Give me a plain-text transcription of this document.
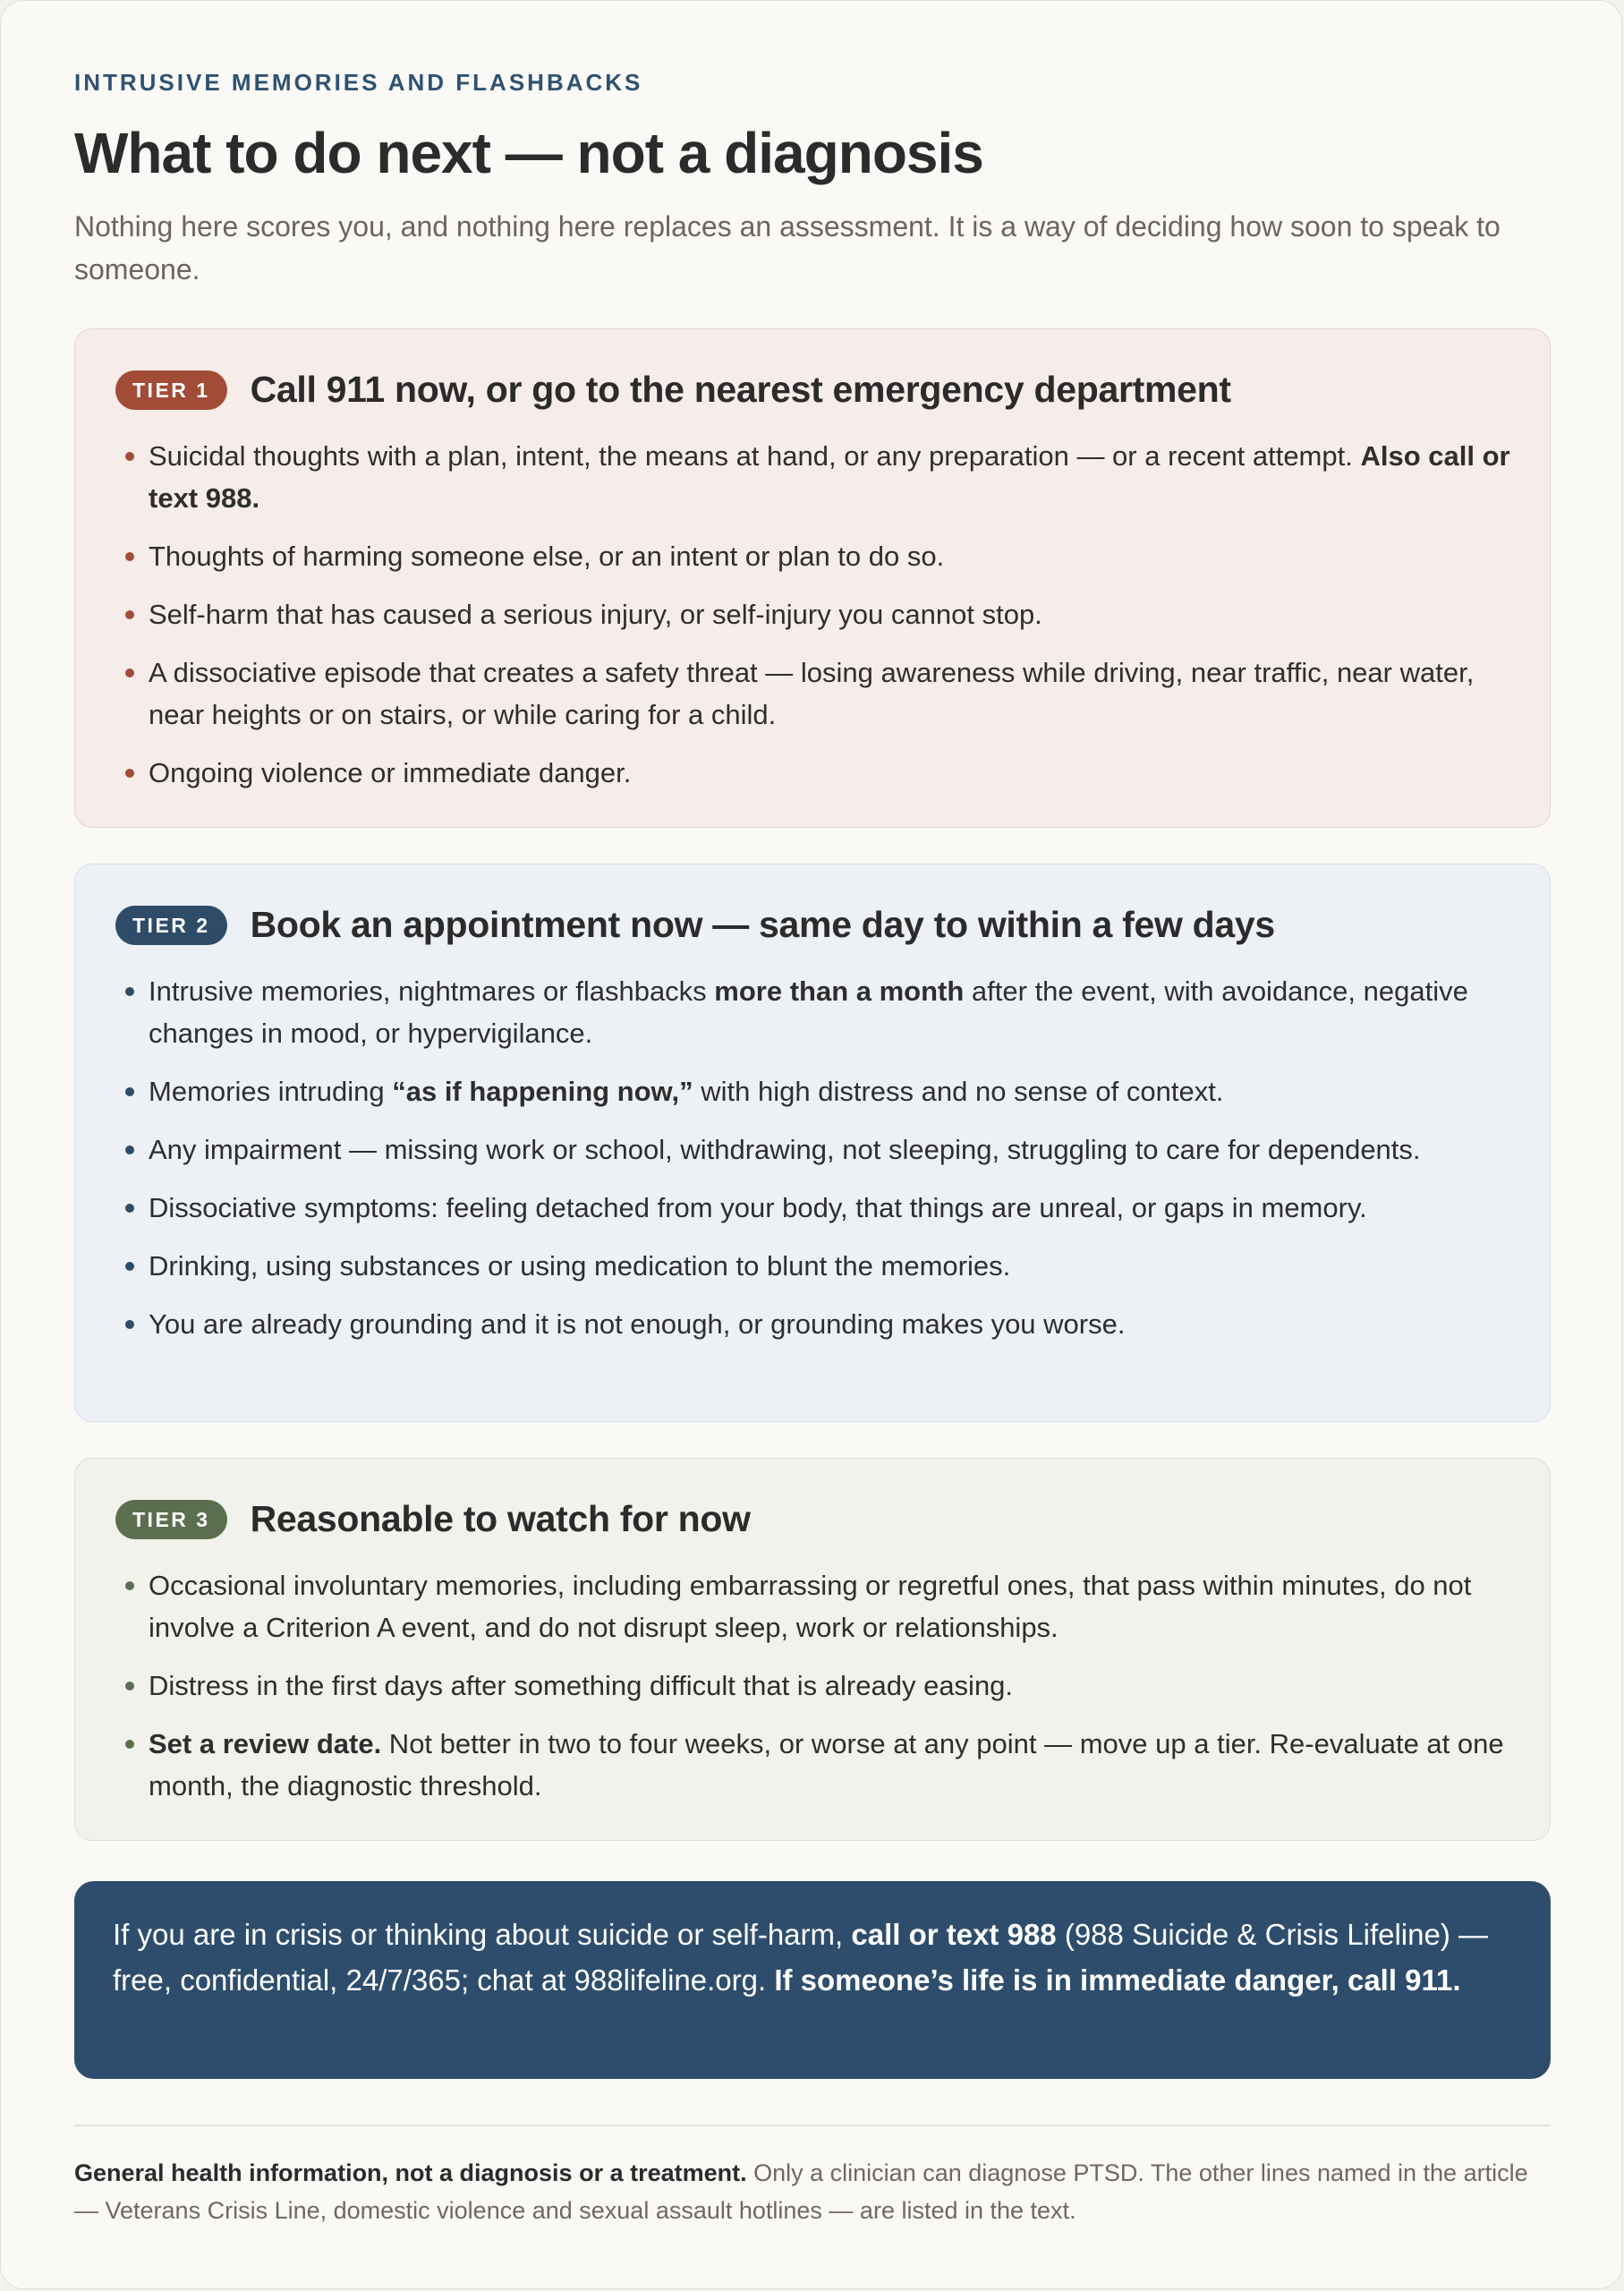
INTRUSIVE MEMORIES AND FLASHBACKS
What to do next — not a diagnosis

Nothing here scores you, and nothing here replaces an assessment. It is a way of deciding how soon to speak to someone.

TIER 1	Call 911 now, or go to the nearest emergency department
Suicidal thoughts with a plan, intent, the means at hand, or any preparation — or a recent attempt. Also call or text 988.
Thoughts of harming someone else, or an intent or plan to do so.
Self-harm that has caused a serious injury, or self-injury you cannot stop.
A dissociative episode that creates a safety threat — losing awareness while driving, near traffic, near water, near heights or on stairs, or while caring for a child.
Ongoing violence or immediate danger.
TIER 2	Book an appointment now — same day to within a few days
Intrusive memories, nightmares or flashbacks more than a month after the event, with avoidance, negative changes in mood, or hypervigilance.
Memories intruding “as if happening now,” with high distress and no sense of context.
Any impairment — missing work or school, withdrawing, not sleeping, struggling to care for dependents.
Dissociative symptoms: feeling detached from your body, that things are unreal, or gaps in memory.
Drinking, using substances or using medication to blunt the memories.
You are already grounding and it is not enough, or grounding makes you worse.
TIER 3	Reasonable to watch for now
Occasional involuntary memories, including embarrassing or regretful ones, that pass within minutes, do not involve a Criterion A event, and do not disrupt sleep, work or relationships.
Distress in the first days after something difficult that is already easing.
Set a review date. Not better in two to four weeks, or worse at any point — move up a tier. Re-evaluate at one month, the diagnostic threshold.
If you are in crisis or thinking about suicide or self-harm, call or text 988 (988 Suicide & Crisis Lifeline) — free, confidential, 24/7/365; chat at 988lifeline.org. If someone’s life is in immediate danger, call 911.

General health information, not a diagnosis or a treatment. Only a clinician can diagnose PTSD. The other lines named in the article — Veterans Crisis Line, domestic violence and sexual assault hotlines — are listed in the text.
